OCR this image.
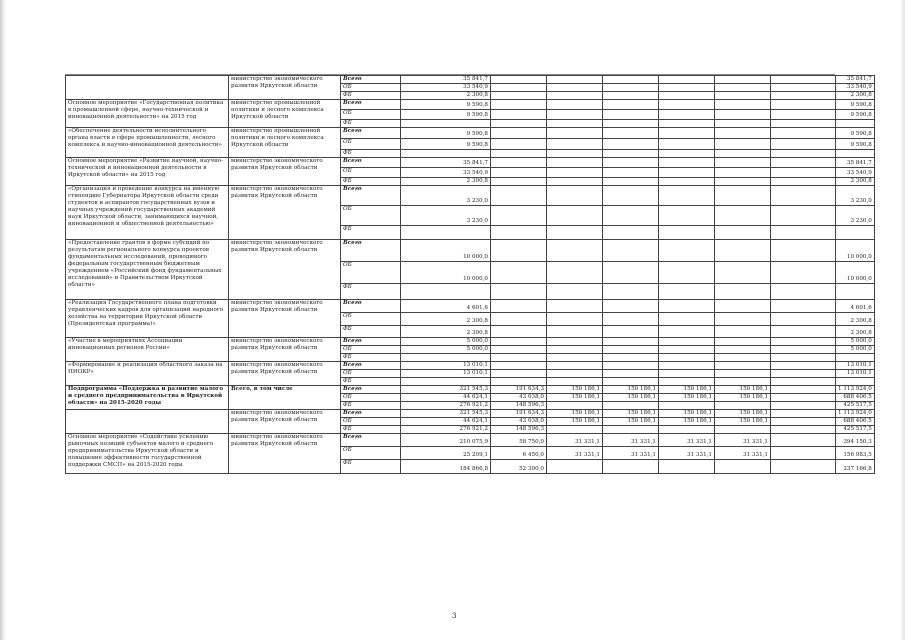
	министерство экономического развития Иркутской области	Всего	35 841,7							35 841,7
		ОБ	33 540,9							33 540,9
		ФБ	2 300,8							2 300,8
Основное мероприятие «Государственная политика в промышленной сфере, научно-технической и инновационной деятельности» на 2015 год	министерство промышленной политики и лесного комплекса Иркутской области	Всего	9 590,8							9 590,8
		ОБ	9 590,8							9 590,8
		ФБ								
«Обеспечение деятельности исполнительного органа власти в сфере промышленности, лесного комплекса и научно-инновационной деятельности»	министерство промышленной политики и лесного комплекса Иркутской области	Всего	9 590,8							9 590,8
		ОБ	9 590,8							9 590,8
		ФБ								
Основное мероприятие «Развитие научной, научно-технической и инновационной деятельности в Иркутской области» на 2015 год	министерство экономического развития Иркутской области	Всего	35 841,7							35 841,7
		ОБ	33 540,9							33 540,9
		ФБ	2 300,8							2 300,8
«Организация и проведение конкурса на именную стипендию Губернатора Иркутской области среди студентов и аспирантов государственных вузов и научных учреждений государственных академий наук Иркутской области, занимающихся научной, инновационной и общественной деятельностью»	министерство экономического развития Иркутской области	Всего	3 230,0							3 230,0
		ОБ	3 230,0							3 230,0
		ФБ								
«Предоставление грантов в форме субсидий по результатам регионального конкурса проектов фундаментальных исследований, проводимого федеральным государственным бюджетным учреждением «Российский фонд фундаментальных исследований» и Правительством Иркутской области»	министерство экономического развития Иркутской области	Всего	10 000,0							10 000,0
		ОБ	10 000,0							10 000,0
		ФБ								
«Реализация Государственного плана подготовки управленческих кадров для организаций народного хозяйства на территории Иркутской области (Президентская программа)»	министерство экономического развития Иркутской области	Всего	4 601,6							4 601,6
		ОБ	2 300,8							2 300,8
		ФБ	2 300,8							2 300,8
«Участие в мероприятиях Ассоциации инновационных регионов России»	министерство экономического развития Иркутской области	Всего	5 000,0							5 000,0
		ОБ	5 000,0							5 000,0
		ФБ								
«Формирование и реализация областного заказа на НИОКР»	министерство экономического развития Иркутской области	Всего	13 010,1							13 010,1
		ОБ	13 010,1							13 010,1
		ФБ								
Подпрограмма «Поддержка и развитие малого и среднего предпринимательства в Иркутской области» на 2015-2020 годы	Всего, в том числе	Всего	321 545,3	191 634,3	150 186,1	150 186,1	150 186,1	150 186,1		1 113 924,0
		ОБ	44 624,1	43 038,0	150 186,1	150 186,1	150 186,1	150 186,1		688 406,5
		ФБ	276 921,2	148 596,3						425 517,5
	министерство экономического развития Иркутской области	Всего	321 545,3	191 634,3	150 186,1	150 186,1	150 186,1	150 186,1		1 113 924,0
		ОБ	44 624,1	43 038,0	150 186,1	150 186,1	150 186,1	150 186,1		688 406,5
		ФБ	276 921,2	148 596,3						425 517,5
Основное мероприятие «Содействие усилению рыночных позиций субъектов малого и среднего предпринимательства Иркутской области и повышение эффективности государственной поддержки СМСП» на 2015-2020 годы	министерство экономического развития Иркутской области	Всего	210 075,9	58 750,0	31 331,1	31 331,1	31 331,1	31 331,1		394 150,3
		ОБ	25 209,1	6 450,0	31 331,1	31 331,1	31 331,1	31 331,1		156 983,5
		ФБ	184 866,8	52 300,0						237 166,8
3
